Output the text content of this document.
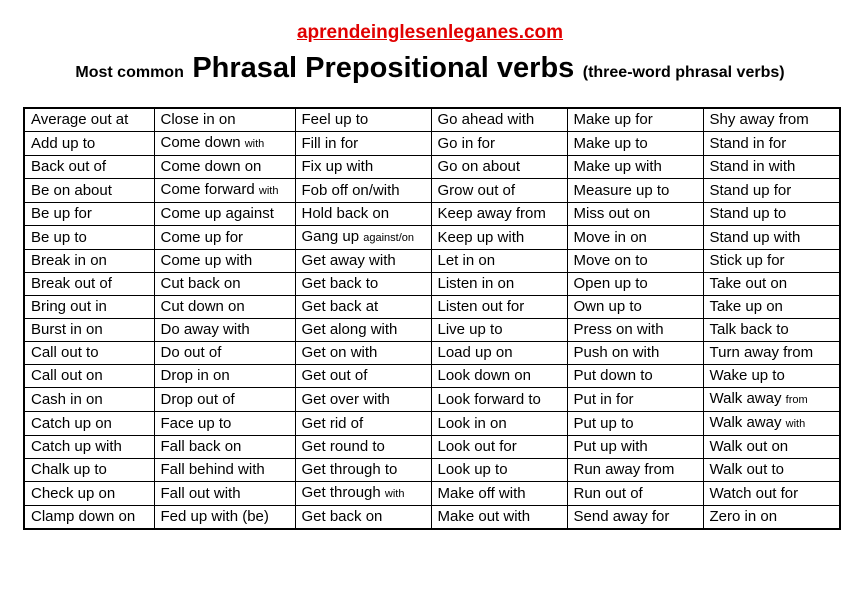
aprendeinglesenleganes.com
Most common Phrasal Prepositional verbs (three-word phrasal verbs)
Average out at	Close in on	Feel up to	Go ahead with	Make up for	Shy away from
Add up to	Come down with	Fill in for	Go in for	Make up to	Stand in for
Back out of	Come down on	Fix up with	Go on about	Make up with	Stand in with
Be on about	Come forward with	Fob off on/with	Grow out of	Measure up to	Stand up for
Be up for	Come up against	Hold back on	Keep away from	Miss out on	Stand up to
Be up to	Come up for	Gang up against/on	Keep up with	Move in on	Stand up with
Break in on	Come up with	Get away with	Let in on	Move on to	Stick up for
Break out of	Cut back on	Get back to	Listen in on	Open up to	Take out on
Bring out in	Cut down on	Get back at	Listen out for	Own up to	Take up on
Burst in on	Do away with	Get along with	Live up to	Press on with	Talk back to
Call out to	Do out of	Get on with	Load up on	Push on with	Turn away from
Call out on	Drop in on	Get out of	Look down on	Put down to	Wake up to
Cash in on	Drop out of	Get over with	Look forward to	Put in for	Walk away from
Catch up on	Face up to	Get rid of	Look in on	Put up to	Walk away with
Catch up with	Fall back on	Get round to	Look out for	Put up with	Walk out on
Chalk up to	Fall behind with	Get through to	Look up to	Run away from	Walk out to
Check up on	Fall out with	Get through with	Make off with	Run out of	Watch out for
Clamp down on	Fed up with (be)	Get back on	Make out with	Send away for	Zero in on
